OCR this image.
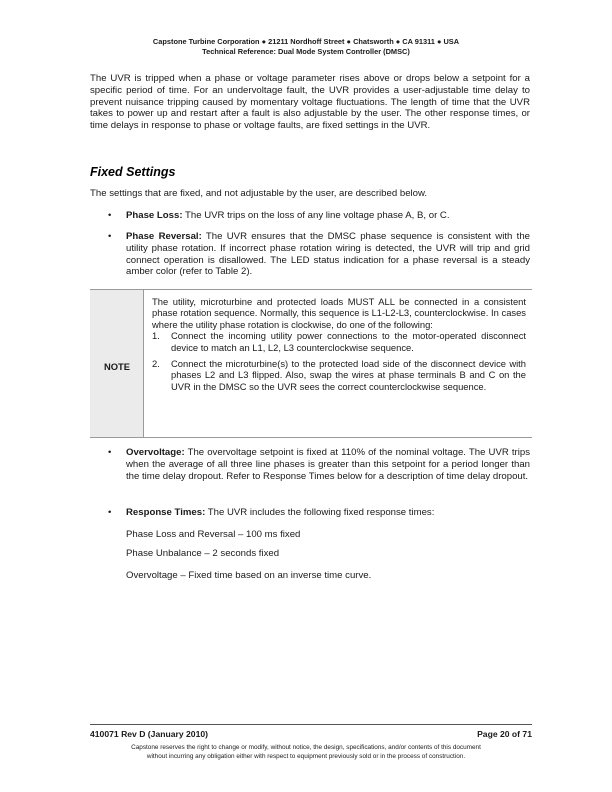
Capstone Turbine Corporation ● 21211 Nordhoff Street ● Chatsworth ● CA 91311 ● USA
Technical Reference: Dual Mode System Controller (DMSC)

The UVR is tripped when a phase or voltage parameter rises above or drops below a setpoint for a specific period of time. For an undervoltage fault, the UVR provides a user-adjustable time delay to prevent nuisance tripping caused by momentary voltage fluctuations. The length of time that the UVR takes to power up and restart after a fault is also adjustable by the user. The other response times, or time delays in response to phase or voltage faults, are fixed settings in the UVR.

Fixed Settings

The settings that are fixed, and not adjustable by the user, are described below.

• Phase Loss: The UVR trips on the loss of any line voltage phase A, B, or C.
• Phase Reversal: The UVR ensures that the DMSC phase sequence is consistent with the utility phase rotation. If incorrect phase rotation wiring is detected, the UVR will trip and grid connect operation is disallowed. The LED status indication for a phase reversal is a steady amber color (refer to Table 2).
NOTE

The utility, microturbine and protected loads MUST ALL be connected in a consistent phase rotation sequence. Normally, this sequence is L1-L2-L3, counterclockwise. In cases where the utility phase rotation is clockwise, do one of the following:

1. Connect the incoming utility power connections to the motor-operated disconnect device to match an L1, L2, L3 counterclockwise sequence.
2. Connect the microturbine(s) to the protected load side of the disconnect device with phases L2 and L3 flipped. Also, swap the wires at phase terminals B and C on the UVR in the DMSC so the UVR sees the correct counterclockwise sequence.
• Overvoltage: The overvoltage setpoint is fixed at 110% of the nominal voltage. The UVR trips when the average of all three line phases is greater than this setpoint for a period longer than the time delay dropout. Refer to Response Times below for a description of time delay dropout.
• Response Times: The UVR includes the following fixed response times:

Phase Loss and Reversal – 100 ms fixed

Phase Unbalance – 2 seconds fixed

Overvoltage – Fixed time based on an inverse time curve.

410071 Rev D (January 2010)	Page 20 of 71
Capstone reserves the right to change or modify, without notice, the design, specifications, and/or contents of this document
without incurring any obligation either with respect to equipment previously sold or in the process of construction.
